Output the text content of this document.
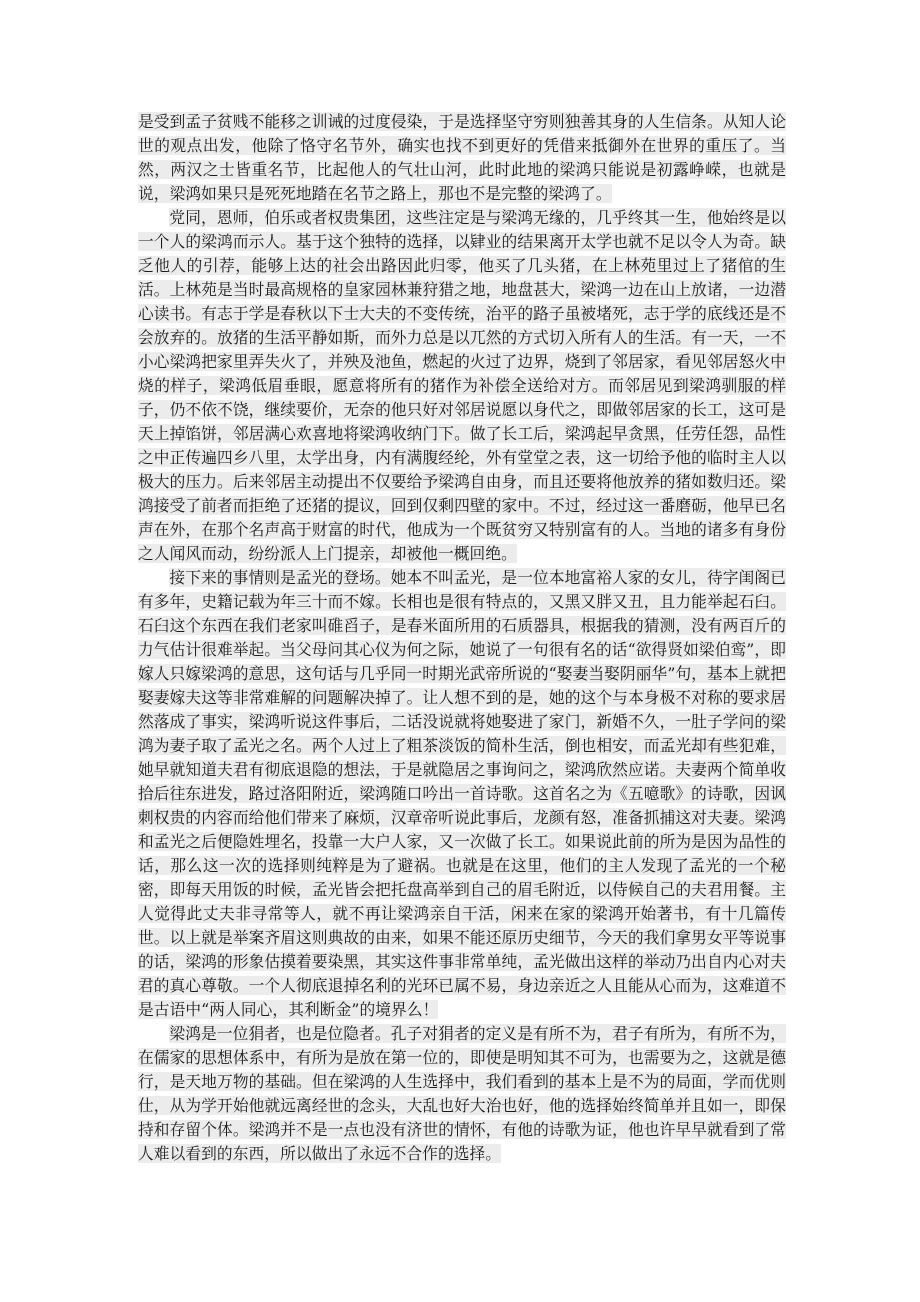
是受到孟子贫贱不能移之训诫的过度侵染，于是选择坚守穷则独善其身的人生信条。从知人论世的观点出发，他除了恪守名节外，确实也找不到更好的凭借来抵御外在世界的重压了。当然，两汉之士皆重名节，比起他人的气壮山河，此时此地的梁鸿只能说是初露峥嵘，也就是说，梁鸿如果只是死死地踏在名节之路上，那也不是完整的梁鸿了。

党同，恩师，伯乐或者权贵集团，这些注定是与梁鸿无缘的，几乎终其一生，他始终是以一个人的梁鸿而示人。基于这个独特的选择，以肄业的结果离开太学也就不足以令人为奇。缺乏他人的引荐，能够上达的社会出路因此归零，他买了几头猪，在上林苑里过上了猪倌的生活。上林苑是当时最高规格的皇家园林兼狩猎之地，地盘甚大，梁鸿一边在山上放诸，一边潜心读书。有志于学是春秋以下士大夫的不变传统，治平的路子虽被堵死，志于学的底线还是不会放弃的。放猪的生活平静如斯，而外力总是以兀然的方式切入所有人的生活。有一天，一不小心梁鸿把家里弄失火了，并殃及池鱼，燃起的火过了边界，烧到了邻居家，看见邻居怒火中烧的样子，梁鸿低眉垂眼，愿意将所有的猪作为补偿全送给对方。而邻居见到梁鸿驯服的样子，仍不依不饶，继续要价，无奈的他只好对邻居说愿以身代之，即做邻居家的长工，这可是天上掉馅饼，邻居满心欢喜地将梁鸿收纳门下。做了长工后，梁鸿起早贪黑，任劳任怨，品性之中正传遍四乡八里，太学出身，内有满腹经纶，外有堂堂之表，这一切给予他的临时主人以极大的压力。后来邻居主动提出不仅要给予梁鸿自由身，而且还要将他放养的猪如数归还。梁鸿接受了前者而拒绝了还猪的提议，回到仅剩四壁的家中。不过，经过这一番磨砺，他早已名声在外，在那个名声高于财富的时代，他成为一个既贫穷又特别富有的人。当地的诸多有身份之人闻风而动，纷纷派人上门提亲，却被他一概回绝。

接下来的事情则是孟光的登场。她本不叫孟光，是一位本地富裕人家的女儿，待字闺阁已有多年，史籍记载为年三十而不嫁。长相也是很有特点的，又黑又胖又丑，且力能举起石臼。石臼这个东西在我们老家叫碓舀子，是春米面所用的石质器具，根据我的猜测，没有两百斤的力气估计很难举起。当父母问其心仪为何之际，她说了一句很有名的话“欲得贤如梁伯鸾”，即嫁人只嫁梁鸿的意思，这句话与几乎同一时期光武帝所说的“娶妻当娶阴丽华”句，基本上就把娶妻嫁夫这等非常难解的问题解决掉了。让人想不到的是，她的这个与本身极不对称的要求居然落成了事实，梁鸿听说这件事后，二话没说就将她娶进了家门，新婚不久，一肚子学问的梁鸿为妻子取了孟光之名。两个人过上了粗茶淡饭的简朴生活，倒也相安，而孟光却有些犯难，她早就知道夫君有彻底退隐的想法，于是就隐居之事询问之，梁鸿欣然应诺。夫妻两个简单收拾后往东进发，路过洛阳附近，梁鸿随口吟出一首诗歌。这首名之为《五噫歌》的诗歌，因讽刺权贵的内容而给他们带来了麻烦，汉章帝听说此事后，龙颜有怒，准备抓捕这对夫妻。梁鸿和孟光之后便隐姓埋名，投靠一大户人家，又一次做了长工。如果说此前的所为是因为品性的话，那么这一次的选择则纯粹是为了避祸。也就是在这里，他们的主人发现了孟光的一个秘密，即每天用饭的时候，孟光皆会把托盘高举到自己的眉毛附近，以侍候自己的夫君用餐。主人觉得此丈夫非寻常等人，就不再让梁鸿亲自干活，闲来在家的梁鸿开始著书，有十几篇传世。以上就是举案齐眉这则典故的由来，如果不能还原历史细节，今天的我们拿男女平等说事的话，梁鸿的形象估摸着要染黑，其实这件事非常单纯，孟光做出这样的举动乃出自内心对夫君的真心尊敬。一个人彻底退掉名利的光环已属不易，身边亲近之人且能从心而为，这难道不是古语中“两人同心，其利断金”的境界么！

梁鸿是一位狷者，也是位隐者。孔子对狷者的定义是有所不为，君子有所为，有所不为，在儒家的思想体系中，有所为是放在第一位的，即使是明知其不可为，也需要为之，这就是德行，是天地万物的基础。但在梁鸿的人生选择中，我们看到的基本上是不为的局面，学而优则仕，从为学开始他就远离经世的念头，大乱也好大治也好，他的选择始终简单并且如一，即保持和存留个体。梁鸿并不是一点也没有济世的情怀，有他的诗歌为证，他也许早早就看到了常人难以看到的东西，所以做出了永远不合作的选择。
